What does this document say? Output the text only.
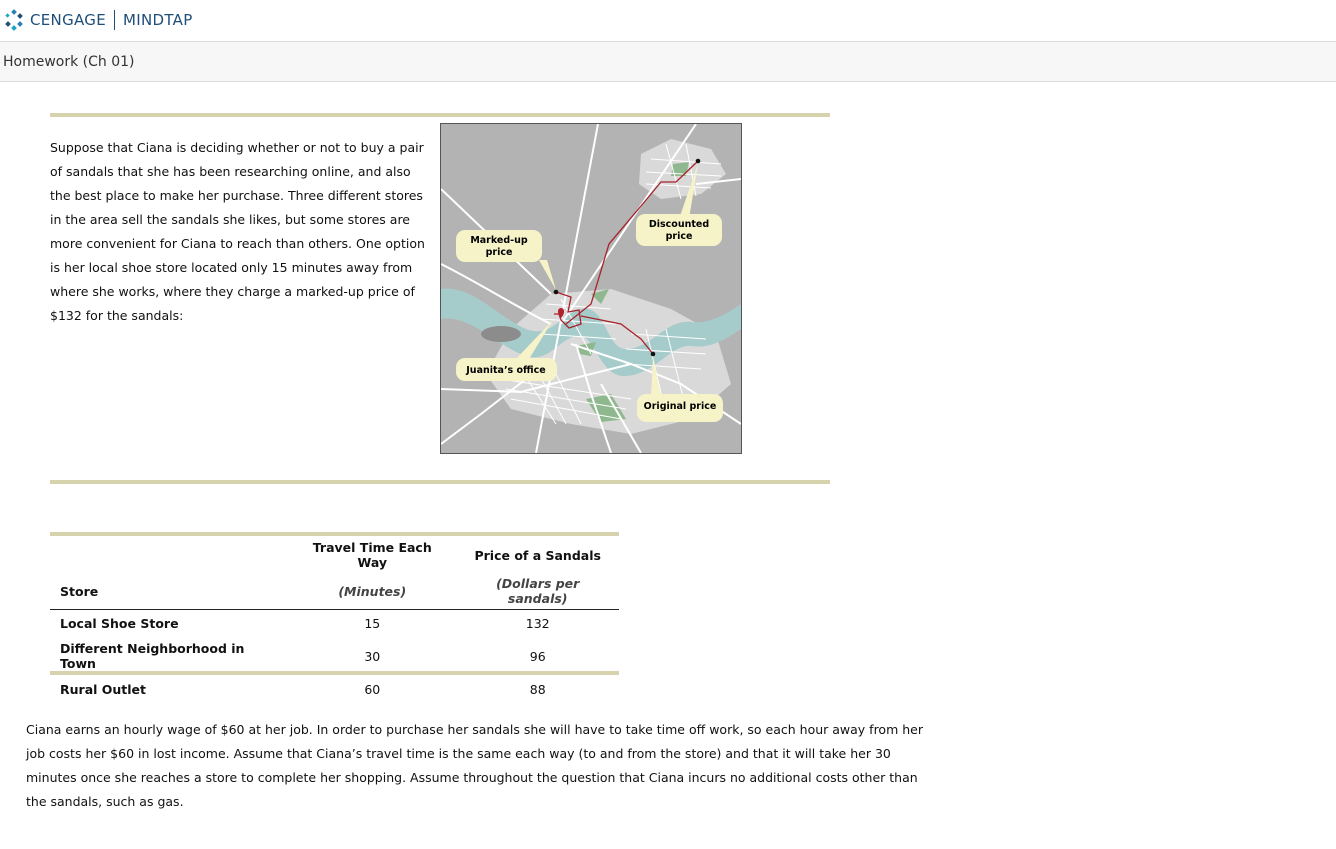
CENGAGE MINDTAP
Homework (Ch 01)
Suppose that Ciana is deciding whether or not to buy a pair of sandals that she has been researching online, and also the best place to make her purchase. Three different stores in the area sell the sandals she likes, but some stores are more convenient for Ciana to reach than others. One option is her local shoe store located only 15 minutes away from where she works, where they charge a marked-up price of $132 for the sandals:
Marked-up
price
Discounted
price
Juanita’s office
Original price
	Travel Time Each Way	Price of a Sandals
Store	(Minutes)	(Dollars per sandals)
Local Shoe Store	15	132
Different Neighborhood in Town	30	96
Rural Outlet	60	88
Ciana earns an hourly wage of $60 at her job. In order to purchase her sandals she will have to take time off work, so each hour away from her job costs her $60 in lost income. Assume that Ciana’s travel time is the same each way (to and from the store) and that it will take her 30 minutes once she reaches a store to complete her shopping. Assume throughout the question that Ciana incurs no additional costs other than the sandals, such as gas.
